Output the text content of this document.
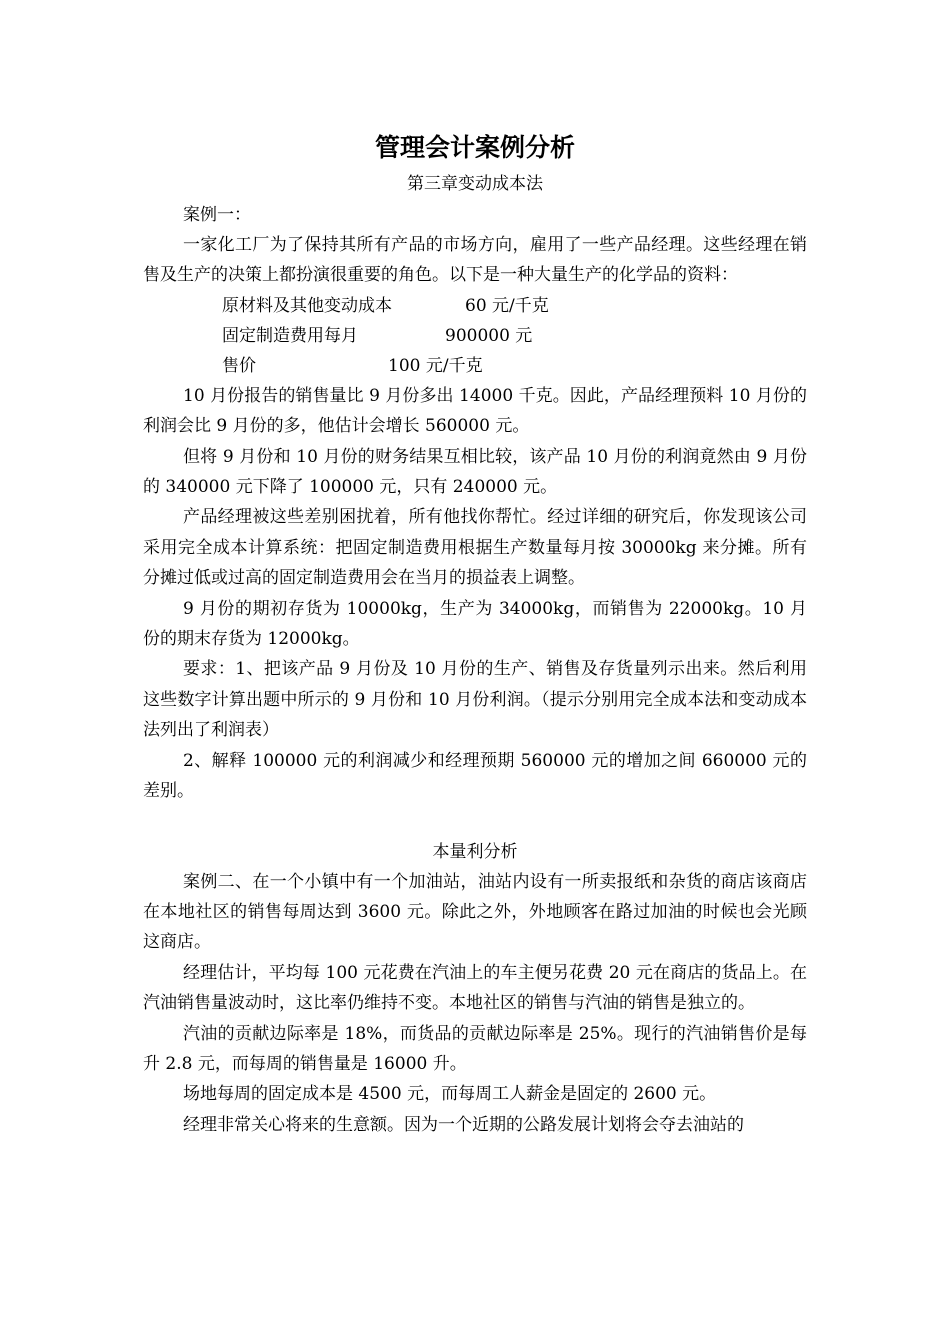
管理会计案例分析
第三章变动成本法
案例一：

一家化工厂为了保持其所有产品的市场方向，雇用了一些产品经理。这些经理在销售及生产的决策上都扮演很重要的角色。以下是一种大量生产的化学品的资料：

原材料及其他变动成本	60 元/千克
固定制造费用每月	900000 元
售价	100 元/千克

10 月份报告的销售量比 9 月份多出 14000 千克。因此，产品经理预料 10 月份的利润会比 9 月份的多，他估计会增长 560000 元。

但将 9 月份和 10 月份的财务结果互相比较，该产品 10 月份的利润竟然由 9 月份的 340000 元下降了 100000 元，只有 240000 元。

产品经理被这些差别困扰着，所有他找你帮忙。经过详细的研究后，你发现该公司采用完全成本计算系统：把固定制造费用根据生产数量每月按 30000kg 来分摊。所有分摊过低或过高的固定制造费用会在当月的损益表上调整。

9 月份的期初存货为 10000kg，生产为 34000kg，而销售为 22000kg。10 月份的期末存货为 12000kg。

要求：1、把该产品 9 月份及 10 月份的生产、销售及存货量列示出来。然后利用这些数字计算出题中所示的 9 月份和 10 月份利润。（提示分别用完全成本法和变动成本法列出了利润表）

2、解释 100000 元的利润减少和经理预期 560000 元的增加之间 660000 元的差别。

本量利分析

案例二、在一个小镇中有一个加油站，油站内设有一所卖报纸和杂货的商店该商店在本地社区的销售每周达到 3600 元。除此之外，外地顾客在路过加油的时候也会光顾这商店。

经理估计，平均每 100 元花费在汽油上的车主便另花费 20 元在商店的货品上。在汽油销售量波动时，这比率仍维持不变。本地社区的销售与汽油的销售是独立的。

汽油的贡献边际率是 18%，而货品的贡献边际率是 25%。现行的汽油销售价是每升 2.8 元，而每周的销售量是 16000 升。

场地每周的固定成本是 4500 元，而每周工人薪金是固定的 2600 元。

经理非常关心将来的生意额。因为一个近期的公路发展计划将会夺去油站的
